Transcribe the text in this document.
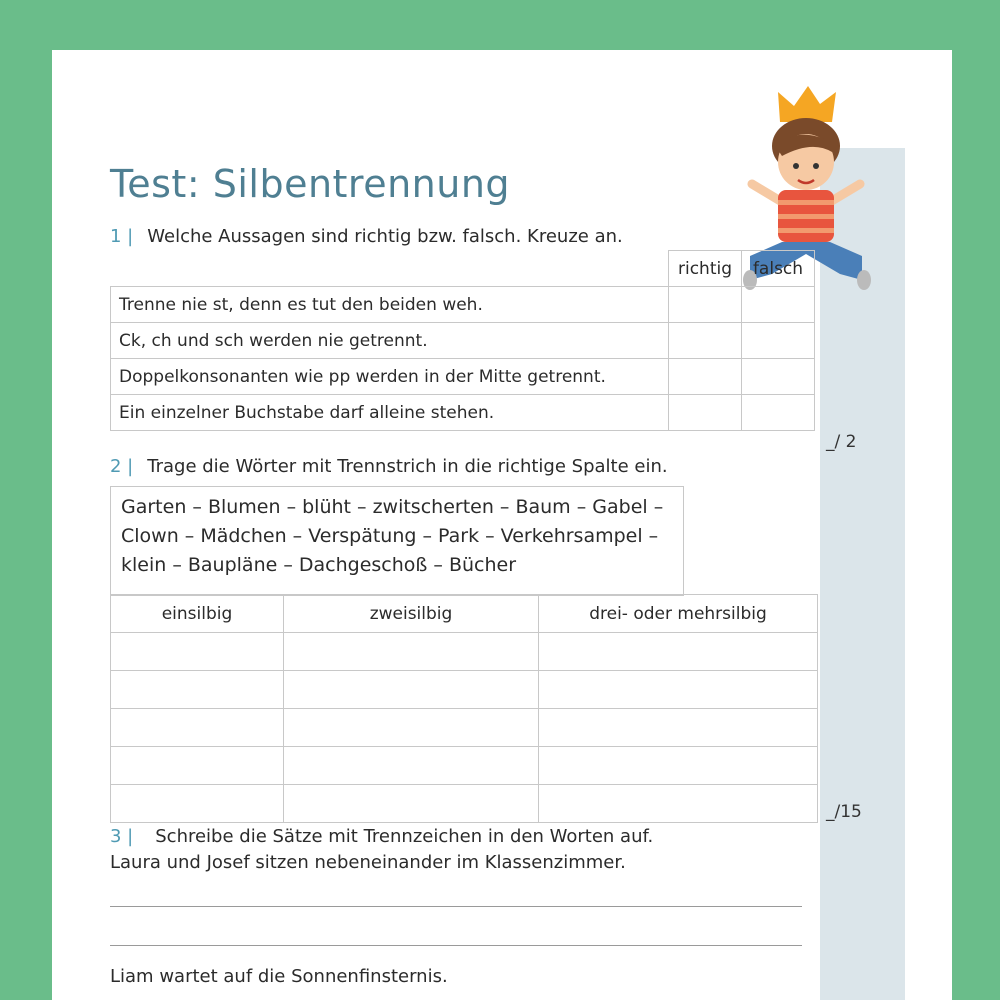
Test: Silbentrennung
1 | Welche Aussagen sind richtig bzw. falsch. Kreuze an.
	richtig	falsch
Trenne nie st, denn es tut den beiden weh.		
Ck, ch und sch werden nie getrennt.		
Doppelkonsonanten wie pp werden in der Mitte getrennt.		
Ein einzelner Buchstabe darf alleine stehen.		
_/ 2
2 | Trage die Wörter mit Trennstrich in die richtige Spalte ein.
Garten – Blumen – blüht – zwitscherten – Baum – Gabel –
Clown – Mädchen – Verspätung – Park – Verkehrsampel –
klein – Baupläne – Dachgeschoß – Bücher
einsilbig	zweisilbig	drei- oder mehrsilbig

_/15
3 | Schreibe die Sätze mit Trennzeichen in den Worten auf.
Laura und Josef sitzen nebeneinander im Klassenzimmer.
Liam wartet auf die Sonnenfinsternis.
